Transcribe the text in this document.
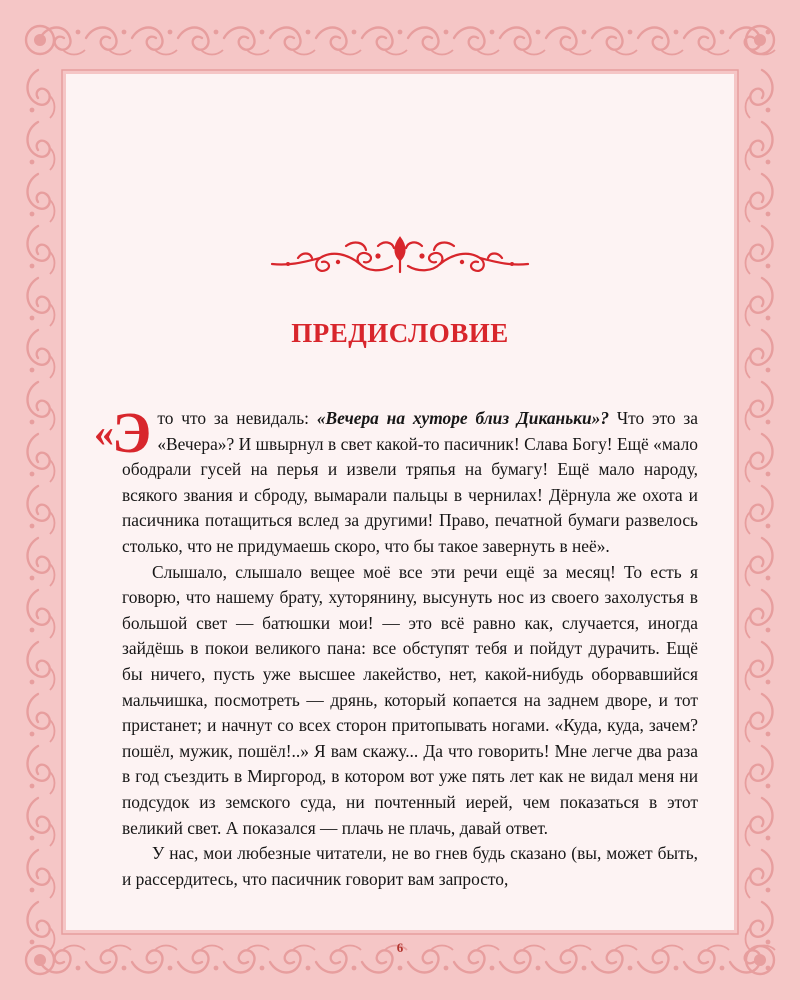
ПРЕДИСЛОВИЕ

«Э то что за невидаль: «Вечера на хуторе близ Диканьки»? Что это за «Вечера»? И швырнул в свет какой-то пасичник! Слава Богу! Ещё «мало ободрали гусей на перья и извели тряпья на бумагу! Ещё мало народу, всякого звания и сброду, вымарали пальцы в чернилах! Дёрнула же охота и пасичника потащиться вслед за другими! Право, печатной бумаги развелось столько, что не придумаешь скоро, что бы такое завернуть в неё».

Слышало, слышало вещее моё все эти речи ещё за месяц! То есть я говорю, что нашему брату, хуторянину, высунуть нос из своего захолустья в большой свет — батюшки мои! — это всё равно как, случается, иногда зайдёшь в покои великого пана: все обступят тебя и пойдут дурачить. Ещё бы ничего, пусть уже высшее лакейство, нет, какой-нибудь оборвавшийся мальчишка, посмотреть — дрянь, который копается на заднем дворе, и тот пристанет; и начнут со всех сторон притопывать ногами. «Куда, куда, зачем? пошёл, мужик, пошёл!..» Я вам скажу... Да что говорить! Мне легче два раза в год съездить в Миргород, в котором вот уже пять лет как не видал меня ни подсудок из земского суда, ни почтенный иерей, чем показаться в этот великий свет. А показался — плачь не плачь, давай ответ.

У нас, мои любезные читатели, не во гнев будь сказано (вы, может быть, и рассердитесь, что пасичник говорит вам запросто,

6
